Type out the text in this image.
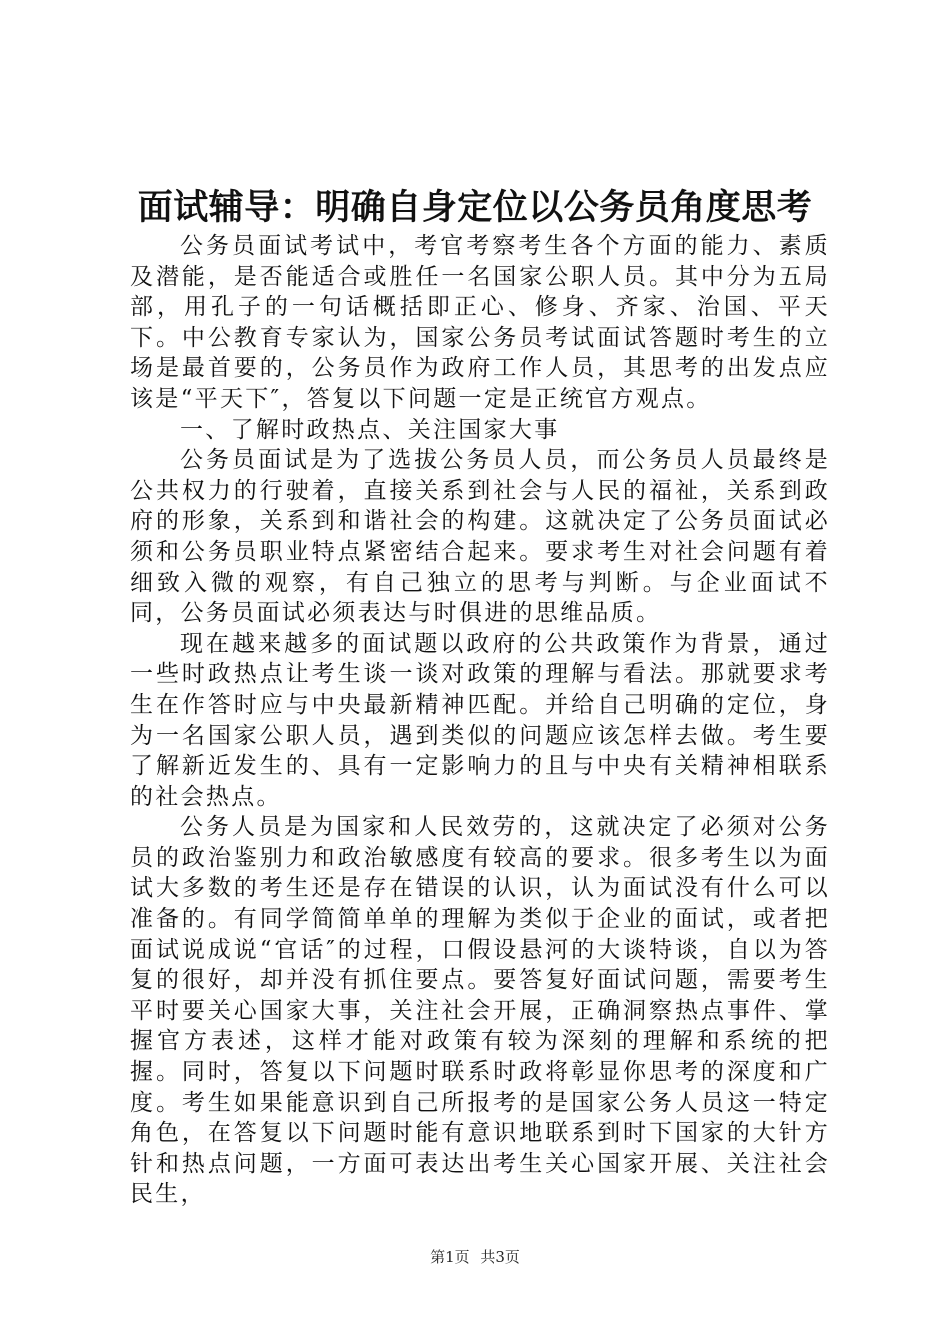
面试辅导：明确自身定位以公务员角度思考

公务员面试考试中，考官考察考生各个方面的能力、素质及潜能，是否能适合或胜任一名国家公职人员。其中分为五局部，用孔子的一句话概括即正心、修身、齐家、治国、平天下。中公教育专家认为，国家公务员考试面试答题时考生的立场是最首要的，公务员作为政府工作人员，其思考的出发点应该是“平天下″，答复以下问题一定是正统官方观点。

一、了解时政热点、关注国家大事

公务员面试是为了选拔公务员人员，而公务员人员最终是公共权力的行驶着，直接关系到社会与人民的福祉，关系到政府的形象，关系到和谐社会的构建。这就决定了公务员面试必须和公务员职业特点紧密结合起来。要求考生对社会问题有着细致入微的观察，有自己独立的思考与判断。与企业面试不同，公务员面试必须表达与时俱进的思维品质。

现在越来越多的面试题以政府的公共政策作为背景，通过一些时政热点让考生谈一谈对政策的理解与看法。那就要求考生在作答时应与中央最新精神匹配。并给自己明确的定位，身为一名国家公职人员，遇到类似的问题应该怎样去做。考生要了解新近发生的、具有一定影响力的且与中央有关精神相联系的社会热点。

公务人员是为国家和人民效劳的，这就决定了必须对公务员的政治鉴别力和政治敏感度有较高的要求。很多考生以为面试大多数的考生还是存在错误的认识，认为面试没有什么可以准备的。有同学简简单单的理解为类似于企业的面试，或者把面试说成说“官话″的过程，口假设悬河的大谈特谈，自以为答复的很好，却并没有抓住要点。要答复好面试问题，需要考生平时要关心国家大事，关注社会开展，正确洞察热点事件、掌握官方表述，这样才能对政策有较为深刻的理解和系统的把握。同时，答复以下问题时联系时政将彰显你思考的深度和广度。考生如果能意识到自己所报考的是国家公务人员这一特定角色，在答复以下问题时能有意识地联系到时下国家的大针方针和热点问题，一方面可表达出考生关心国家开展、关注社会民生，

第1页 共3页
